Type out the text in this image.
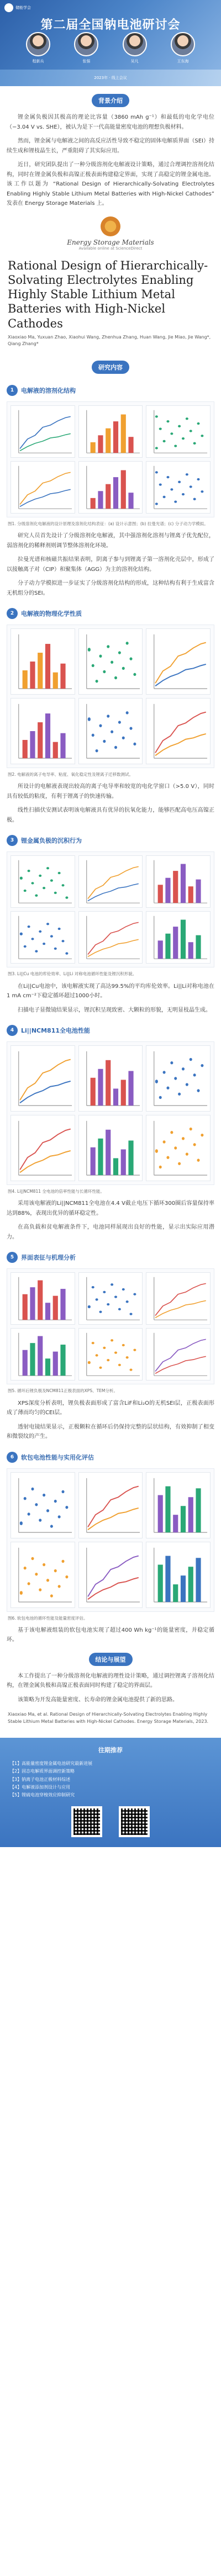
储能学会
第二届全国钠电池研讨会
程新兵	张强	吴凡	王东海
2023年 · 线上会议
背景介绍

锂金属负极因其极高的理论比容量（3860 mAh g⁻¹）和最低的电化学电位（−3.04 V vs. SHE），被认为是下一代高能量密度电池的理想负极材料。

然而，锂金属与电解液之间的高反应活性导致不稳定的固体电解质界面（SEI）持续生成和锂枝晶生长，严重阻碍了其实际应用。

近日，研究团队提出了一种分级溶剂化电解液设计策略，通过合理调控溶剂化结构，同时在锂金属负极和高镍正极表面构建稳定界面，实现了高稳定的锂金属电池。该工作以题为 “Rational Design of Hierarchically-Solvating Electrolytes Enabling Highly Stable Lithium Metal Batteries with High-Nickel Cathodes” 发表在 Energy Storage Materials 上。

Energy Storage Materials
Available online at ScienceDirect
Rational Design of Hierarchically-Solvating Electrolytes Enabling Highly Stable Lithium Metal Batteries with High-Nickel Cathodes
Xiaoxiao Ma, Yuxuan Zhao, Xiaohui Wang, Zhenhua Zhang, Huan Wang, Jie Miao, Jie Wang*, Qiang Zhang*
研究内容
1	电解液的溶剂化结构
图1. 分级溶剂化电解液的设计原理及溶剂化结构表征：(a) 设计示意图；(b) 拉曼光谱；(c) 分子动力学模拟。

研究人员首先设计了分级溶剂化电解液，其中强溶剂化溶剂与锂离子优先配位，弱溶剂化的稀释剂则调节整体溶剂化环境。

拉曼光谱和核磁共振结果表明，阴离子参与到锂离子第一溶剂化壳层中，形成了以接触离子对（CIP）和聚集体（AGG）为主的溶剂化结构。

分子动力学模拟进一步证实了分级溶剂化结构的形成，这种结构有利于生成富含无机组分的SEI。

2	电解液的物理化学性质
图2. 电解液的离子电导率、粘度、氧化稳定性及锂离子迁移数测试。

所设计的电解液表现出较高的离子电导率和较宽的电化学窗口（>5.0 V），同时具有较低的粘度，有利于锂离子的快速传输。

线性扫描伏安测试表明该电解液具有优异的抗氧化能力，能够匹配高电压高镍正极。

3	锂金属负极的沉积行为
图3. Li||Cu 电池的库伦效率、Li||Li 对称电池循环性能及锂沉积形貌。

在Li||Cu电池中，该电解液实现了高达99.5%的平均库伦效率。Li||Li对称电池在1 mA cm⁻²下稳定循环超过1000小时。

扫描电子显微镜结果显示，锂沉积呈现致密、大颗粒的形貌，无明显枝晶生成。

4	Li||NCM811全电池性能
图4. Li||NCM811 全电池的倍率性能与长循环性能。

采用该电解液的Li||NCM811全电池在4.4 V截止电压下循环300圈后容量保持率达到88%，表现出优异的循环稳定性。

在高负载和贫电解液条件下，电池同样展现出良好的性能，显示出实际应用潜力。

5	界面表征与机理分析
图5. 循环后锂负极及NCM811正极表面的XPS、TEM分析。

XPS深度分析表明，锂负极表面形成了富含LiF和Li₂O的无机SEI层，正极表面形成了薄而均匀的CEI层。

透射电镜结果显示，正极颗粒在循环后仍保持完整的层状结构，有效抑制了相变和微裂纹的产生。

6	软包电池性能与实用化评估
图6. 软包电池的循环性能及能量密度评估。

基于该电解液组装的软包电池实现了超过400 Wh kg⁻¹的能量密度，并稳定循环。

结论与展望

本工作提出了一种分级溶剂化电解液的理性设计策略，通过调控锂离子溶剂化结构，在锂金属负极和高镍正极表面同时构建了稳定的界面层。

该策略为开发高能量密度、长寿命的锂金属电池提供了新的思路。

Xiaoxiao Ma, et al. Rational Design of Hierarchically-Solvating Electrolytes Enabling Highly Stable Lithium Metal Batteries with High-Nickel Cathodes. Energy Storage Materials, 2023.
往期推荐
【1】高能量密度锂金属电池研究最新进展
【2】固态电解质界面调控新策略
【3】钠离子电池正极材料综述
【4】电解液添加剂设计与应用
【5】锂硫电池穿梭效应抑制研究
